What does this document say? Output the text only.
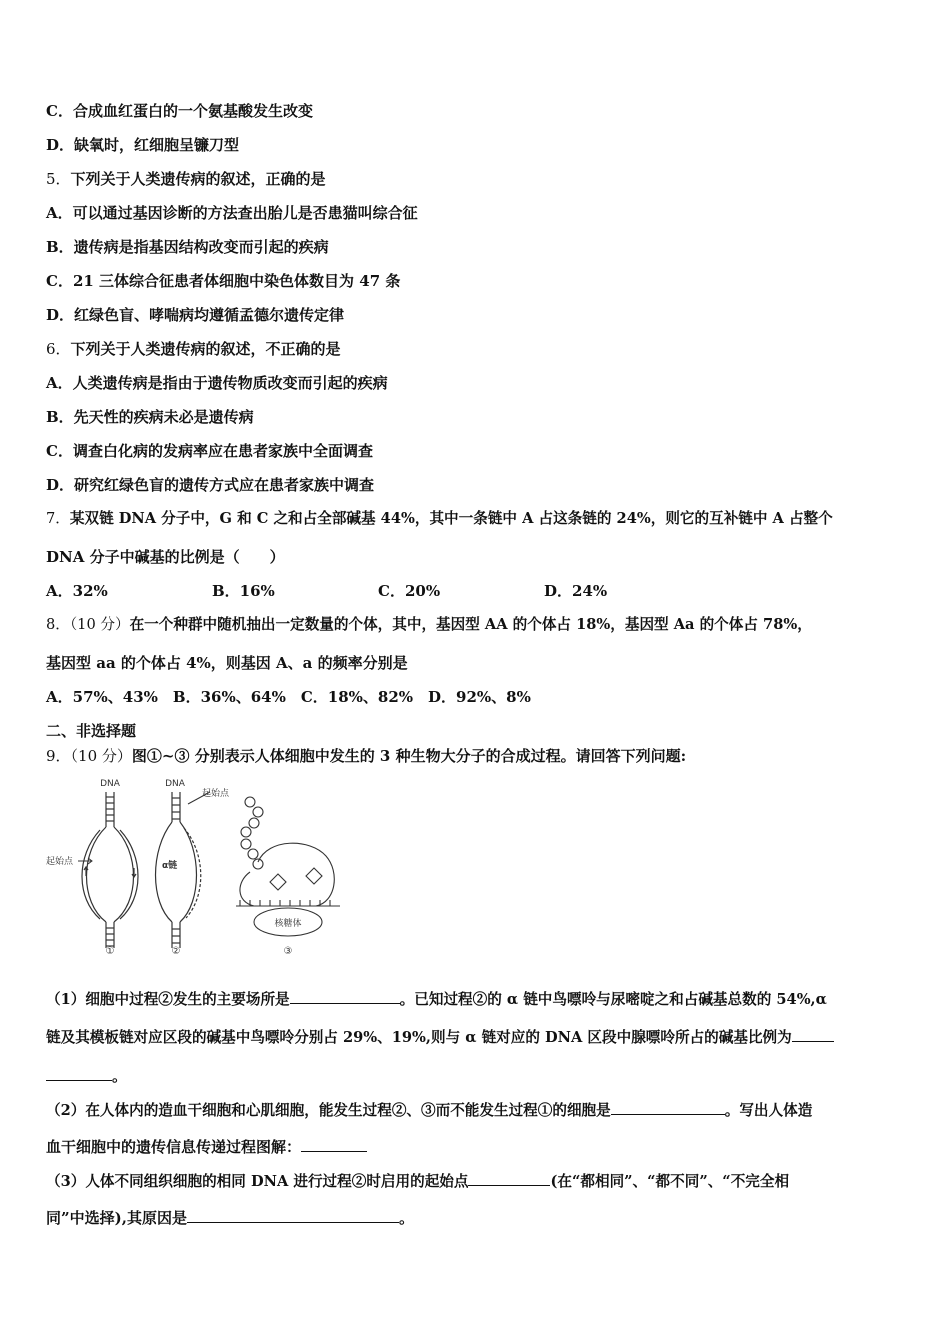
C．合成血红蛋白的一个氨基酸发生改变
D．缺氧时，红细胞呈镰刀型
5．下列关于人类遗传病的叙述，正确的是
A．可以通过基因诊断的方法查出胎儿是否患猫叫综合征
B．遗传病是指基因结构改变而引起的疾病
C．21 三体综合征患者体细胞中染色体数目为 47 条
D．红绿色盲、哮喘病均遵循孟德尔遗传定律
6．下列关于人类遗传病的叙述，不正确的是
A．人类遗传病是指由于遗传物质改变而引起的疾病
B．先天性的疾病未必是遗传病
C．调查白化病的发病率应在患者家族中全面调查
D．研究红绿色盲的遗传方式应在患者家族中调查
7．某双链 DNA 分子中，G 和 C 之和占全部碱基 44%，其中一条链中 A 占这条链的 24%，则它的互补链中 A 占整个
DNA 分子中碱基的比例是（　　）
A．32%	B．16%	C．20%	D．24%
8．（10 分）在一个种群中随机抽出一定数量的个体，其中，基因型 AA 的个体占 18%，基因型 Aa 的个体占 78%，
基因型 aa 的个体占 4%，则基因 A、a 的频率分别是
A．57%、43%　B．36%、64%　C．18%、82%　D．92%、8%
二、非选择题
9．（10 分）图①~③ 分别表示人体细胞中发生的 3 种生物大分子的合成过程。请回答下列问题:
DNA
起始点
①
DNA
起始点
α链
②
核糖体
③
（1）细胞中过程②发生的主要场所是	。已知过程②的 α 链中鸟嘌呤与尿嘧啶之和占碱基总数的 54%,α
链及其模板链对应区段的碱基中鸟嘌呤分别占 29%、19%,则与 α 链对应的 DNA 区段中腺嘌呤所占的碱基比例为
。
（2）在人体内的造血干细胞和心肌细胞，能发生过程②、③而不能发生过程①的细胞是	。写出人体造
血干细胞中的遗传信息传递过程图解：
（3）人体不同组织细胞的相同 DNA 进行过程②时启用的起始点	(在“都相同”、“都不同”、“不完全相
同”中选择),其原因是	。
